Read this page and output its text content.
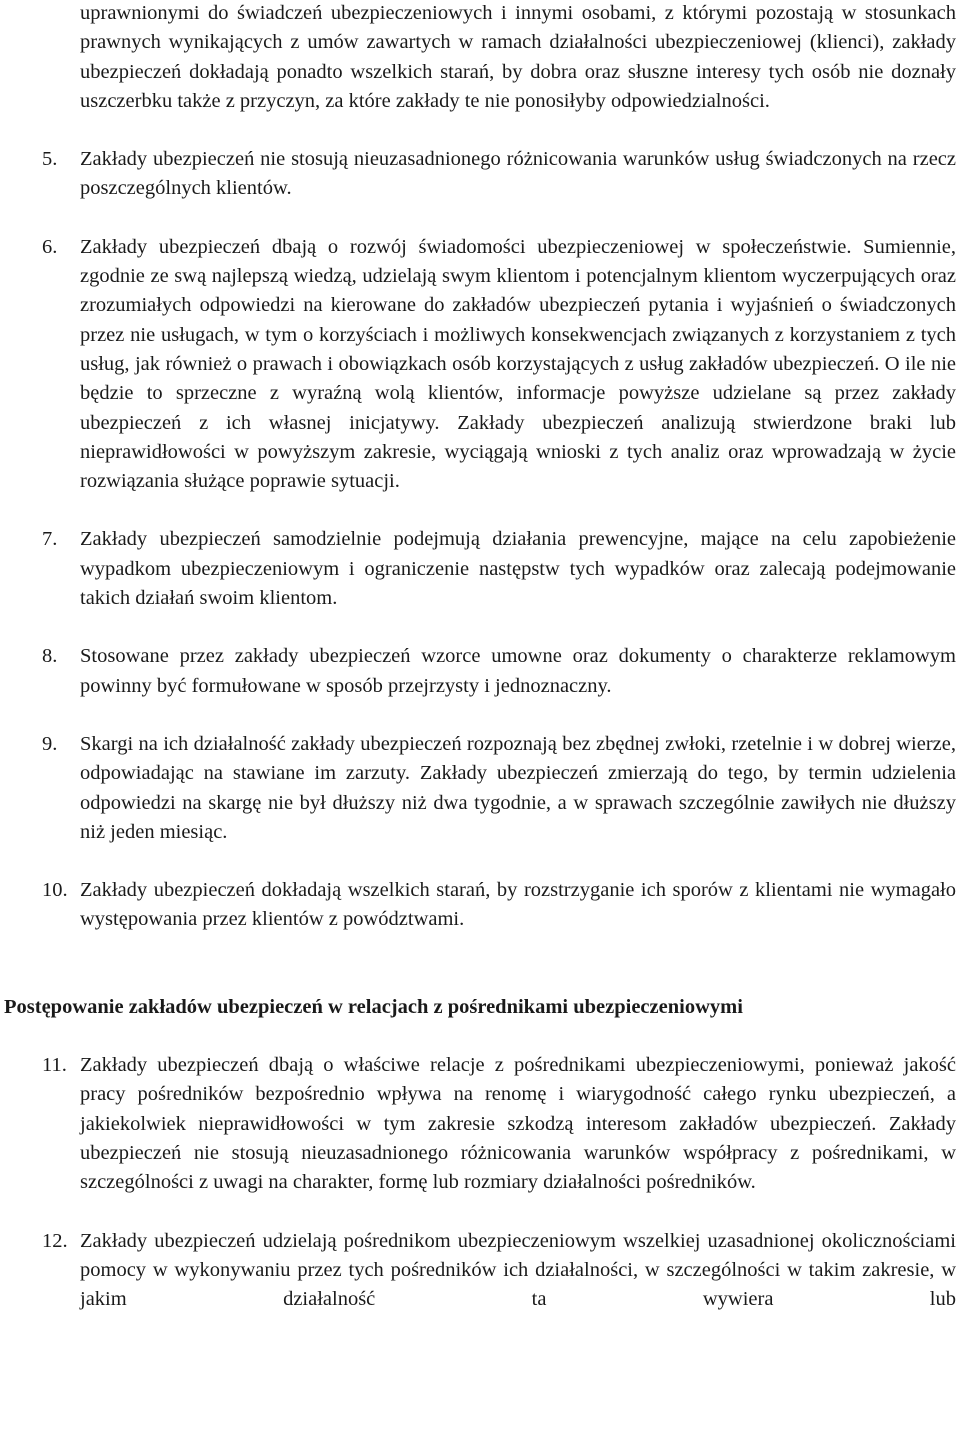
uprawnionymi do świadczeń ubezpieczeniowych i innymi osobami, z którymi pozostają w stosunkach prawnych wynikających z umów zawartych w ramach działalności ubezpieczeniowej (klienci), zakłady ubezpieczeń dokładają ponadto wszelkich starań, by dobra oraz słuszne interesy tych osób nie doznały uszczerbku także z przyczyn, za które zakłady te nie ponosiłyby odpowiedzialności.

5.	Zakłady ubezpieczeń nie stosują nieuzasadnionego różnicowania warunków usług świadczonych na rzecz poszczególnych klientów.
6.	Zakłady ubezpieczeń dbają o rozwój świadomości ubezpieczeniowej w społeczeństwie. Sumiennie, zgodnie ze swą najlepszą wiedzą, udzielają swym klientom i potencjalnym klientom wyczerpujących oraz zrozumiałych odpowiedzi na kierowane do zakładów ubezpieczeń pytania i wyjaśnień o świadczonych przez nie usługach, w tym o korzyściach i możliwych konsekwencjach związanych z korzystaniem z tych usług, jak również o prawach i obowiązkach osób korzystających z usług zakładów ubezpieczeń. O ile nie będzie to sprzeczne z wyraźną wolą klientów, informacje powyższe udzielane są przez zakłady ubezpieczeń z ich własnej inicjatywy. Zakłady ubezpieczeń analizują stwierdzone braki lub nieprawidłowości w powyższym zakresie, wyciągają wnioski z tych analiz oraz wprowadzają w życie rozwiązania służące poprawie sytuacji.
7.	Zakłady ubezpieczeń samodzielnie podejmują działania prewencyjne, mające na celu zapobieżenie wypadkom ubezpieczeniowym i ograniczenie następstw tych wypadków oraz zalecają podejmowanie takich działań swoim klientom.
8.	Stosowane przez zakłady ubezpieczeń wzorce umowne oraz dokumenty o charakterze reklamowym powinny być formułowane w sposób przejrzysty i jednoznaczny.
9.	Skargi na ich działalność zakłady ubezpieczeń rozpoznają bez zbędnej zwłoki, rzetelnie i w dobrej wierze, odpowiadając na stawiane im zarzuty. Zakłady ubezpieczeń zmierzają do tego, by termin udzielenia odpowiedzi na skargę nie był dłuższy niż dwa tygodnie, a w sprawach szczególnie zawiłych nie dłuższy niż jeden miesiąc.
10. Zakłady ubezpieczeń dokładają wszelkich starań, by rozstrzyganie ich sporów z klientami nie wymagało występowania przez klientów z powództwami.
Postępowanie zakładów ubezpieczeń w relacjach z pośrednikami ubezpieczeniowymi
11. Zakłady ubezpieczeń dbają o właściwe relacje z pośrednikami ubezpieczeniowymi, ponieważ jakość pracy pośredników bezpośrednio wpływa na renomę i wiarygodność całego rynku ubezpieczeń, a jakiekolwiek nieprawidłowości w tym zakresie szkodzą interesom zakładów ubezpieczeń. Zakłady ubezpieczeń nie stosują nieuzasadnionego różnicowania warunków współpracy z pośrednikami, w szczególności z uwagi na charakter, formę lub rozmiary działalności pośredników.
12. Zakłady ubezpieczeń udzielają pośrednikom ubezpieczeniowym wszelkiej uzasadnionej okolicznościami pomocy w wykonywaniu przez tych pośredników ich działalności, w szczególności w takim zakresie, w jakim działalność ta wywiera lub
